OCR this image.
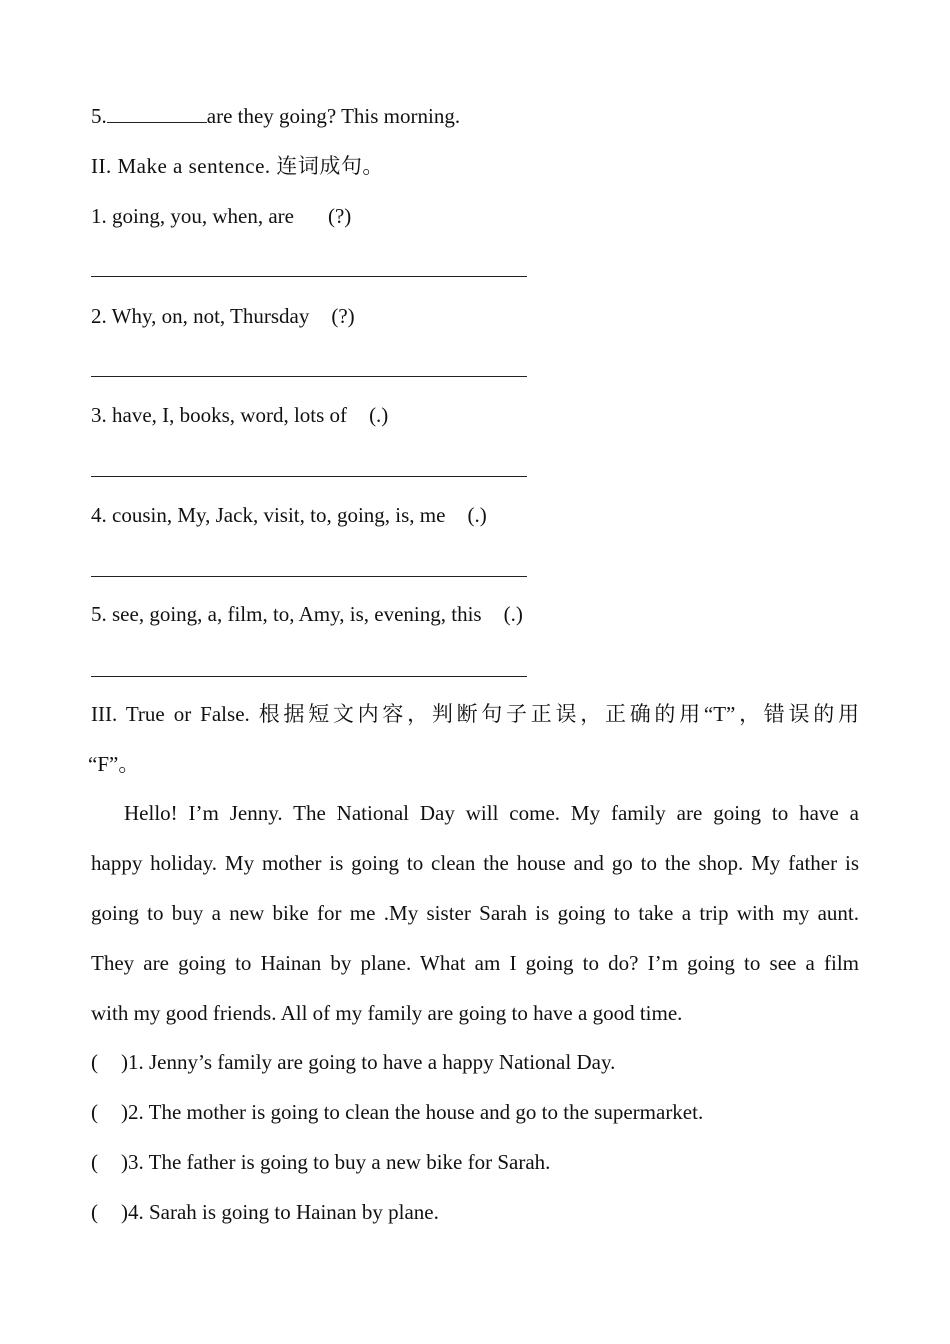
5.	are they going? This morning.
II. Make a sentence. 连词成句。
1. going, you, when, are (?)
2. Why, on, not, Thursday (?)
3. have, I, books, word, lots of (.)
4. cousin, My, Jack, visit, to, going, is, me (.)
5. see, going, a, film, to, Amy, is, evening, this (.)
III. True or False. 根据短文内容，判断句子正误，正确的用“T”，错误的用
“F”。
Hello! I’m Jenny. The National Day will come. My family are going to have a
happy holiday. My mother is going to clean the house and go to the shop. My father is
going to buy a new bike for me .My sister Sarah is going to take a trip with my aunt.
They are going to Hainan by plane. What am I going to do? I’m going to see a film
with my good friends. All of my family are going to have a good time.
( )1. Jenny’s family are going to have a happy National Day.
( )2. The mother is going to clean the house and go to the supermarket.
( )3. The father is going to buy a new bike for Sarah.
( )4. Sarah is going to Hainan by plane.
